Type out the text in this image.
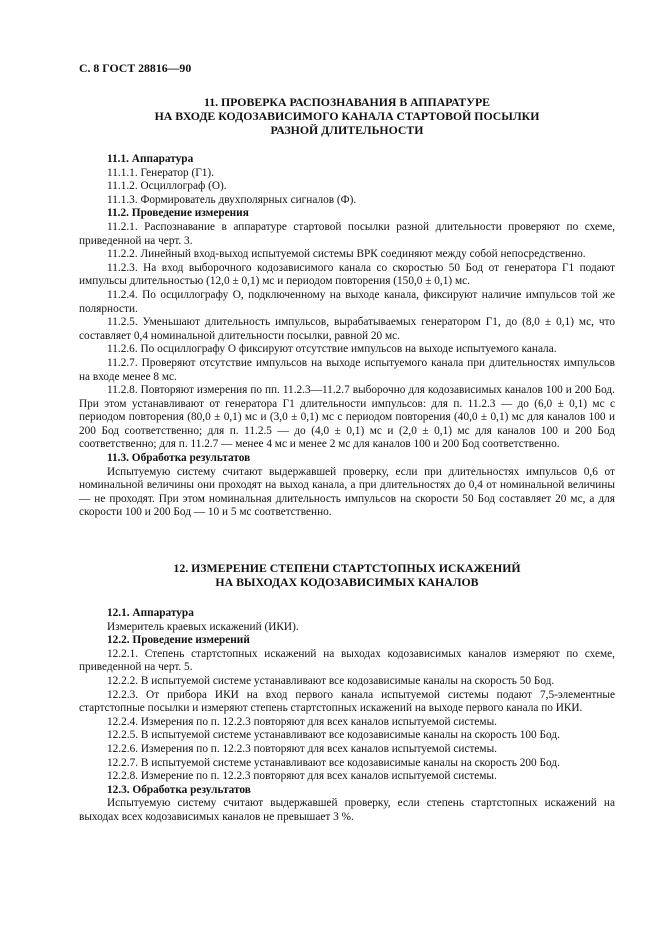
С. 8 ГОСТ 28816—90
11. ПРОВЕРКА РАСПОЗНАВАНИЯ В АППАРАТУРЕ
НА ВХОДЕ КОДОЗАВИСИМОГО КАНАЛА СТАРТОВОЙ ПОСЫЛКИ
РАЗНОЙ ДЛИТЕЛЬНОСТИ

11.1. Аппаратура

11.1.1. Генератор (Г1).

11.1.2. Осциллограф (О).

11.1.3. Формирователь двухполярных сигналов (Ф).

11.2. Проведение измерения

11.2.1. Распознавание в аппаратуре стартовой посылки разной длительности проверяют по схеме, приведенной на черт. 3.

11.2.2. Линейный вход-выход испытуемой системы ВРК соединяют между собой непосредственно.

11.2.3. На вход выборочного кодозависимого канала со скоростью 50 Бод от генератора Г1 подают импульсы длительностью (12,0 ± 0,1) мс и периодом повторения (150,0 ± 0,1) мс.

11.2.4. По осциллографу О, подключенному на выходе канала, фиксируют наличие импульсов той же полярности.

11.2.5. Уменьшают длительность импульсов, вырабатываемых генератором Г1, до (8,0 ± 0,1) мс, что составляет 0,4 номинальной длительности посылки, равной 20 мс.

11.2.6. По осциллографу О фиксируют отсутствие импульсов на выходе испытуемого канала.

11.2.7. Проверяют отсутствие импульсов на выходе испытуемого канала при длительностях импульсов на входе менее 8 мс.

11.2.8. Повторяют измерения по пп. 11.2.3—11.2.7 выборочно для кодозависимых каналов 100 и 200 Бод. При этом устанавливают от генератора Г1 длительности импульсов: для п. 11.2.3 — до (6,0 ± 0,1) мс с периодом повторения (80,0 ± 0,1) мс и (3,0 ± 0,1) мс с периодом повторения (40,0 ± 0,1) мс для каналов 100 и 200 Бод соответственно; для п. 11.2.5 — до (4,0 ± 0,1) мс и (2,0 ± 0,1) мс для каналов 100 и 200 Бод соответственно; для п. 11.2.7 — менее 4 мс и менее 2 мс для каналов 100 и 200 Бод соответственно.

11.3. Обработка результатов

Испытуемую систему считают выдержавшей проверку, если при длительностях импульсов 0,6 от номинальной величины они проходят на выход канала, а при длительностях до 0,4 от номинальной величины — не проходят. При этом номинальная длительность импульсов на скорости 50 Бод составляет 20 мс, а для скорости 100 и 200 Бод — 10 и 5 мс соответственно.

12. ИЗМЕРЕНИЕ СТЕПЕНИ СТАРТСТОПНЫХ ИСКАЖЕНИЙ
НА ВЫХОДАХ КОДОЗАВИСИМЫХ КАНАЛОВ

12.1. Аппаратура

Измеритель краевых искажений (ИКИ).

12.2. Проведение измерений

12.2.1. Степень стартстопных искажений на выходах кодозависимых каналов измеряют по схеме, приведенной на черт. 5.

12.2.2. В испытуемой системе устанавливают все кодозависимые каналы на скорость 50 Бод.

12.2.3. От прибора ИКИ на вход первого канала испытуемой системы подают 7,5-элементные стартстопные посылки и измеряют степень стартстопных искажений на выходе первого канала по ИКИ.

12.2.4. Измерения по п. 12.2.3 повторяют для всех каналов испытуемой системы.

12.2.5. В испытуемой системе устанавливают все кодозависимые каналы на скорость 100 Бод.

12.2.6. Измерения по п. 12.2.3 повторяют для всех каналов испытуемой системы.

12.2.7. В испытуемой системе устанавливают все кодозависимые каналы на скорость 200 Бод.

12.2.8. Измерение по п. 12.2.3 повторяют для всех каналов испытуемой системы.

12.3. Обработка результатов

Испытуемую систему считают выдержавшей проверку, если степень стартстопных искажений на выходах всех кодозависимых каналов не превышает 3 %.
